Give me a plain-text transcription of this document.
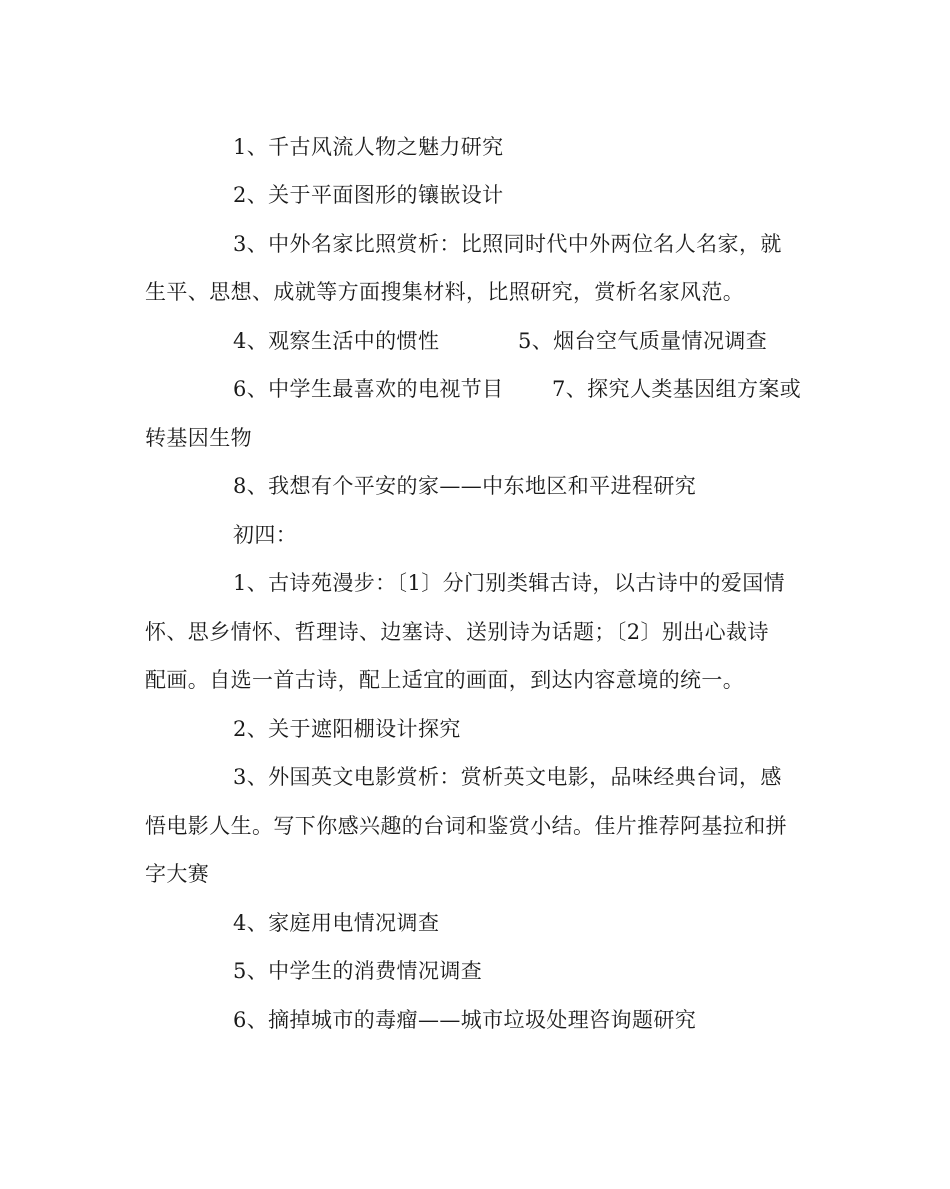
1、千古风流人物之魅力研究
2、关于平面图形的镶嵌设计
3、中外名家比照赏析：比照同时代中外两位名人名家，就
生平、思想、成就等方面搜集材料，比照研究，赏析名家风范。
4、观察生活中的惯性	5、烟台空气质量情况调查
6、中学生最喜欢的电视节目 7、探究人类基因组方案或
转基因生物
8、我想有个平安的家——中东地区和平进程研究
初四：
1、古诗苑漫步：〔1〕分门别类辑古诗，以古诗中的爱国情
怀、思乡情怀、哲理诗、边塞诗、送别诗为话题；〔2〕别出心裁诗
配画。自选一首古诗，配上适宜的画面，到达内容意境的统一。
2、关于遮阳棚设计探究
3、外国英文电影赏析：赏析英文电影，品味经典台词，感
悟电影人生。写下你感兴趣的台词和鉴赏小结。佳片推荐阿基拉和拼
字大赛
4、家庭用电情况调查
5、中学生的消费情况调查
6、摘掉城市的毒瘤——城市垃圾处理咨询题研究
